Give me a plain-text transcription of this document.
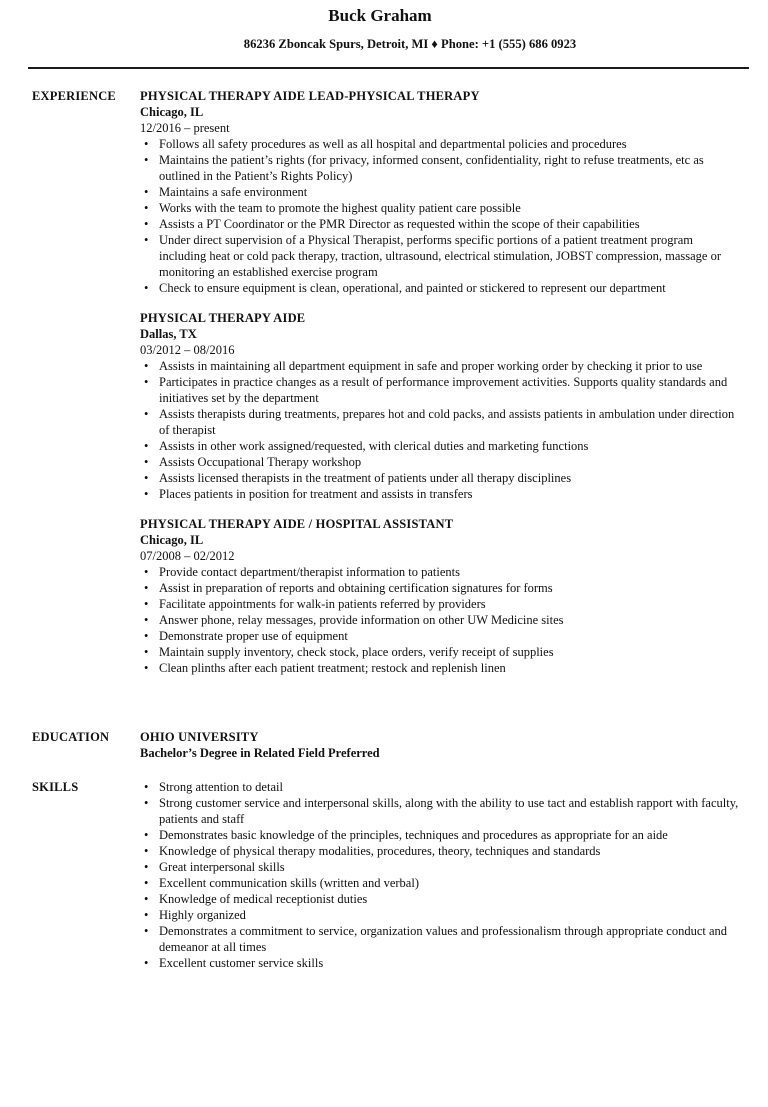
Buck Graham
86236 Zboncak Spurs, Detroit, MI ♦ Phone: +1 (555) 686 0923
EXPERIENCE PHYSICAL THERAPY AIDE LEAD-PHYSICAL THERAPY
Chicago, IL
12/2016 – present
• Follows all safety procedures as well as all hospital and departmental policies and procedures
• Maintains the patient’s rights (for privacy, informed consent, confidentiality, right to refuse treatments, etc as outlined in the Patient’s Rights Policy)
• Maintains a safe environment
• Works with the team to promote the highest quality patient care possible
• Assists a PT Coordinator or the PMR Director as requested within the scope of their capabilities
• Under direct supervision of a Physical Therapist, performs specific portions of a patient treatment program including heat or cold pack therapy, traction, ultrasound, electrical stimulation, JOBST compression, massage or monitoring an established exercise program
• Check to ensure equipment is clean, operational, and painted or stickered to represent our department
PHYSICAL THERAPY AIDE
Dallas, TX
03/2012 – 08/2016
• Assists in maintaining all department equipment in safe and proper working order by checking it prior to use
• Participates in practice changes as a result of performance improvement activities. Supports quality standards and initiatives set by the department
• Assists therapists during treatments, prepares hot and cold packs, and assists patients in ambulation under direction of therapist
• Assists in other work assigned/requested, with clerical duties and marketing functions
• Assists Occupational Therapy workshop
• Assists licensed therapists in the treatment of patients under all therapy disciplines
• Places patients in position for treatment and assists in transfers
PHYSICAL THERAPY AIDE / HOSPITAL ASSISTANT
Chicago, IL
07/2008 – 02/2012
• Provide contact department/therapist information to patients
• Assist in preparation of reports and obtaining certification signatures for forms
• Facilitate appointments for walk-in patients referred by providers
• Answer phone, relay messages, provide information on other UW Medicine sites
• Demonstrate proper use of equipment
• Maintain supply inventory, check stock, place orders, verify receipt of supplies
• Clean plinths after each patient treatment; restock and replenish linen
EDUCATION OHIO UNIVERSITY
Bachelor’s Degree in Related Field Preferred
SKILLS
•	Strong attention to detail
• Strong customer service and interpersonal skills, along with the ability to use tact and establish rapport with faculty, patients and staff
• Demonstrates basic knowledge of the principles, techniques and procedures as appropriate for an aide
• Knowledge of physical therapy modalities, procedures, theory, techniques and standards
• Great interpersonal skills
• Excellent communication skills (written and verbal)
• Knowledge of medical receptionist duties
• Highly organized
• Demonstrates a commitment to service, organization values and professionalism through appropriate conduct and demeanor at all times
• Excellent customer service skills
